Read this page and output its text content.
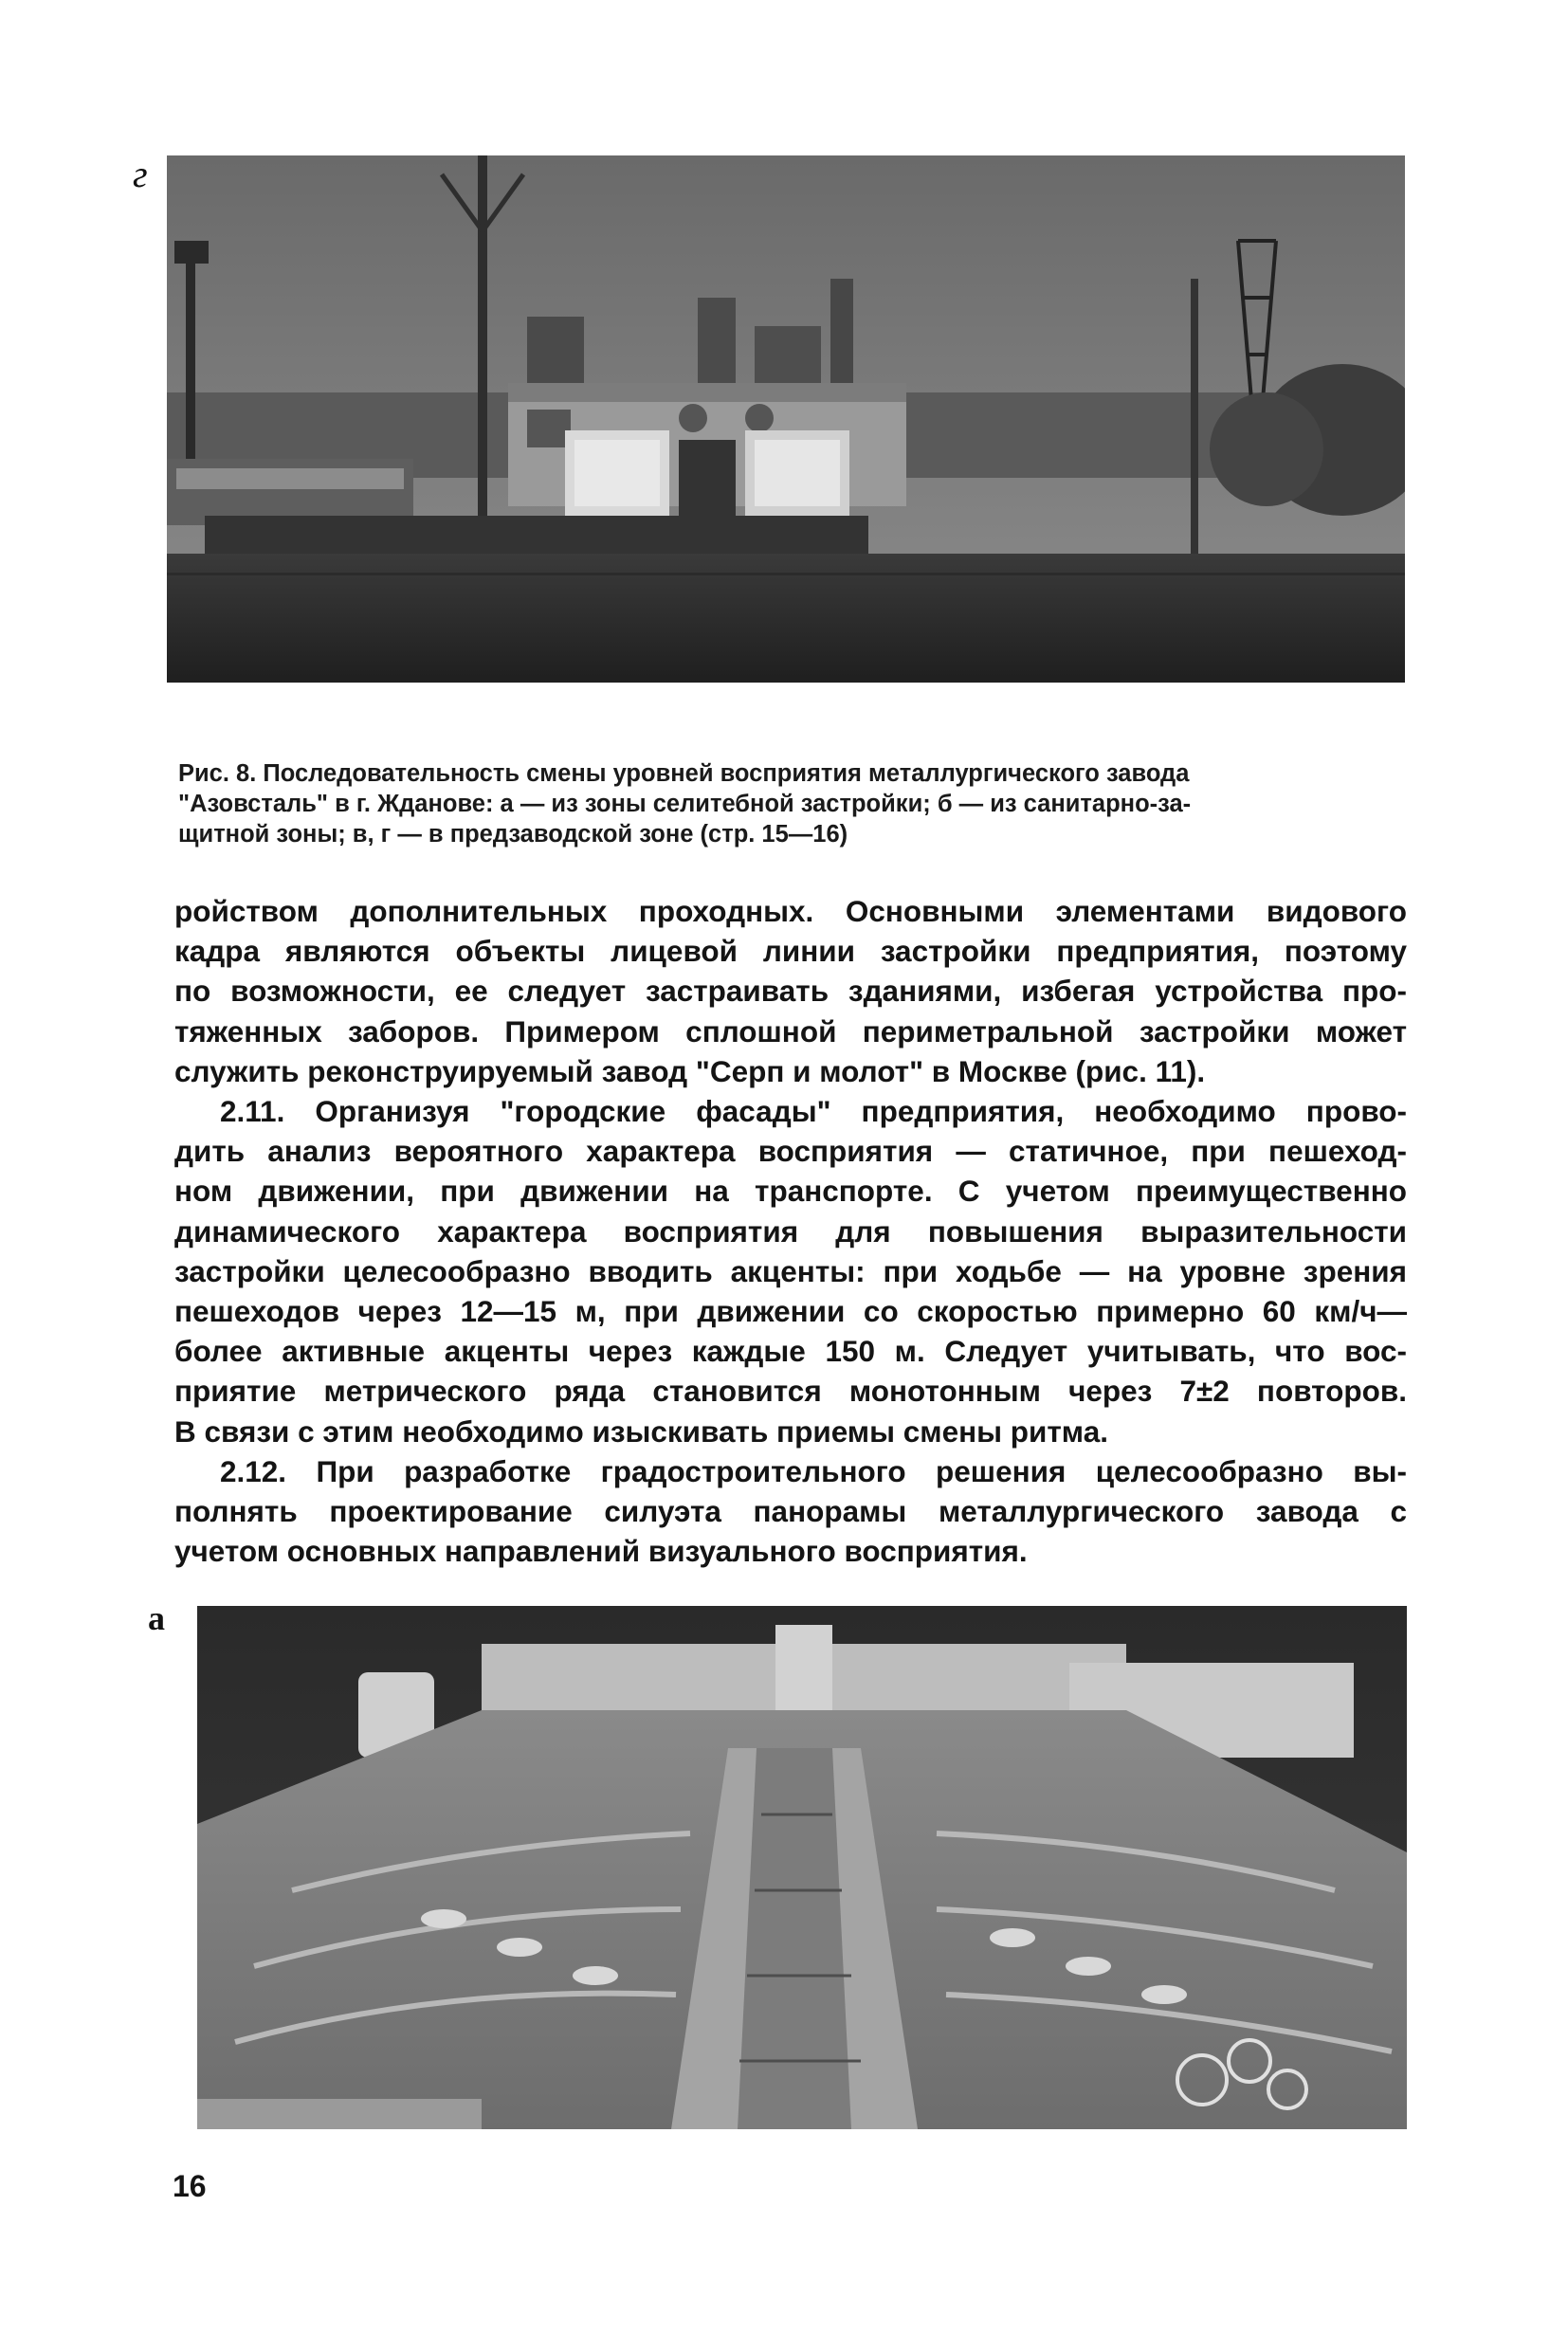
г
Рис. 8. Последовательность смены уровней восприятия металлургического завода
"Азовсталь" в г. Жданове: а — из зоны селитебной застройки; б — из санитарно-за-
щитной зоны; в, г — в предзаводской зоне (стр. 15—16)
ройством дополнительных проходных. Основными элементами видового
кадра являются объекты лицевой линии застройки предприятия, поэтому
по возможности, ее следует застраивать зданиями, избегая устройства про-
тяженных заборов. Примером сплошной периметральной застройки может
служить реконструируемый завод "Серп и молот" в Москве (рис. 11).
2.11. Организуя "городские фасады" предприятия, необходимо прово-
дить анализ вероятного характера восприятия — статичное, при пешеход-
ном движении, при движении на транспорте. С учетом преимущественно
динамического характера восприятия для повышения выразительности
застройки целесообразно вводить акценты: при ходьбе — на уровне зрения
пешеходов через 12—15 м, при движении со скоростью примерно 60 км/ч—
более активные акценты через каждые 150 м. Следует учитывать, что вос-
приятие метрического ряда становится монотонным через 7±2 повторов.
В связи с этим необходимо изыскивать приемы смены ритма.
2.12. При разработке градостроительного решения целесообразно вы-
полнять проектирование силуэта панорамы металлургического завода с
учетом основных направлений визуального восприятия.
а
16
